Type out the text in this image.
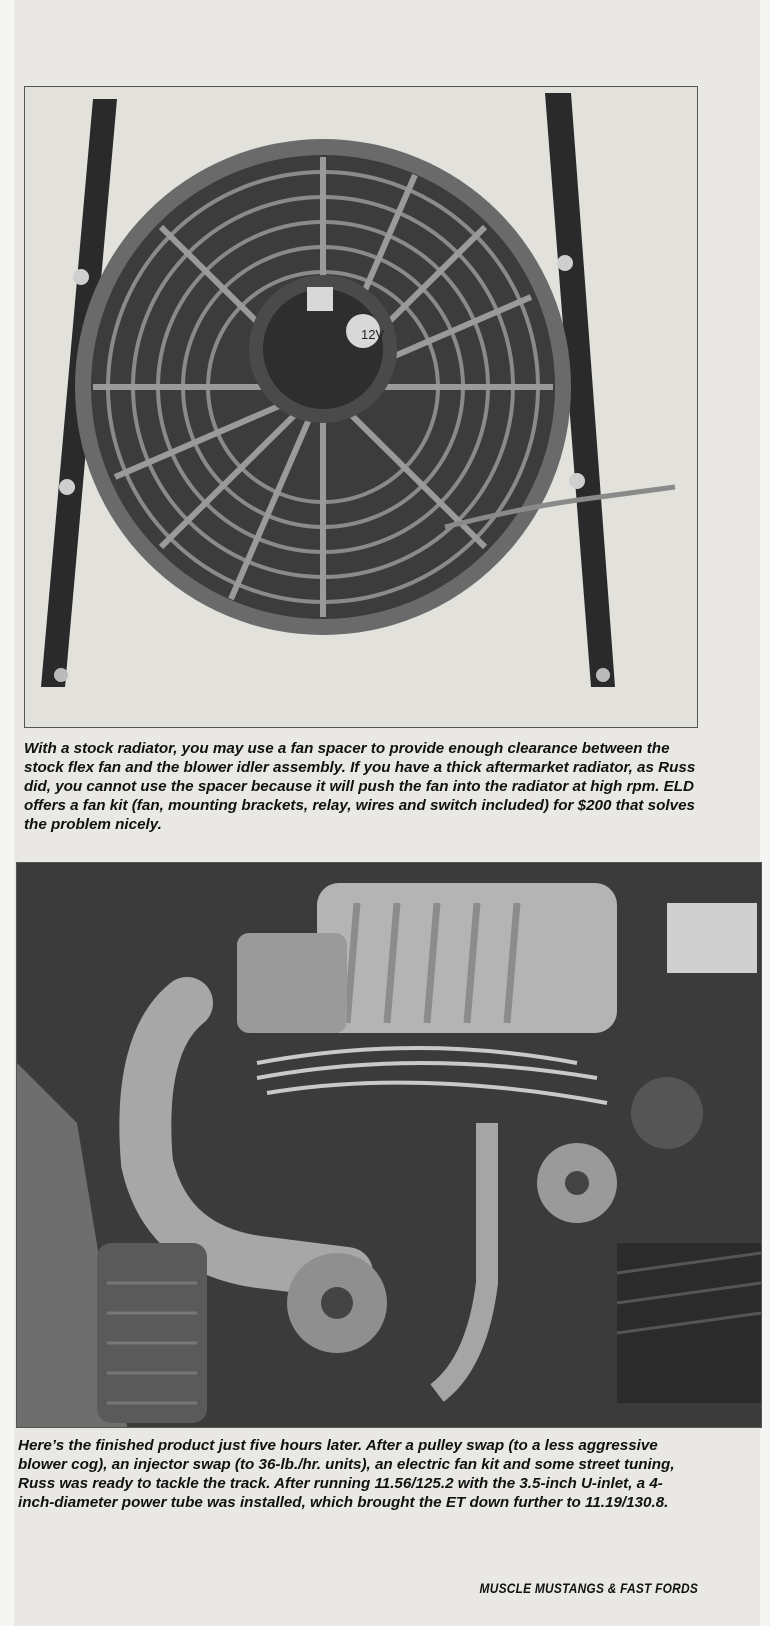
12V
With a stock radiator, you may use a fan spacer to provide enough clearance between the stock flex fan and the blower idler assembly. If you have a thick aftermarket radiator, as Russ did, you cannot use the spacer because it will push the fan into the radiator at high rpm. ELD offers a fan kit (fan, mounting brackets, relay, wires and switch included) for $200 that solves the problem nicely.
Here’s the finished product just five hours later. After a pulley swap (to a less aggressive blower cog), an injector swap (to 36-lb./hr. units), an electric fan kit and some street tuning, Russ was ready to tackle the track. After running 11.56/125.2 with the 3.5-inch U-inlet, a 4-inch-diameter power tube was installed, which brought the ET down further to 11.19/130.8.
MUSCLE MUSTANGS & FAST FORDS
